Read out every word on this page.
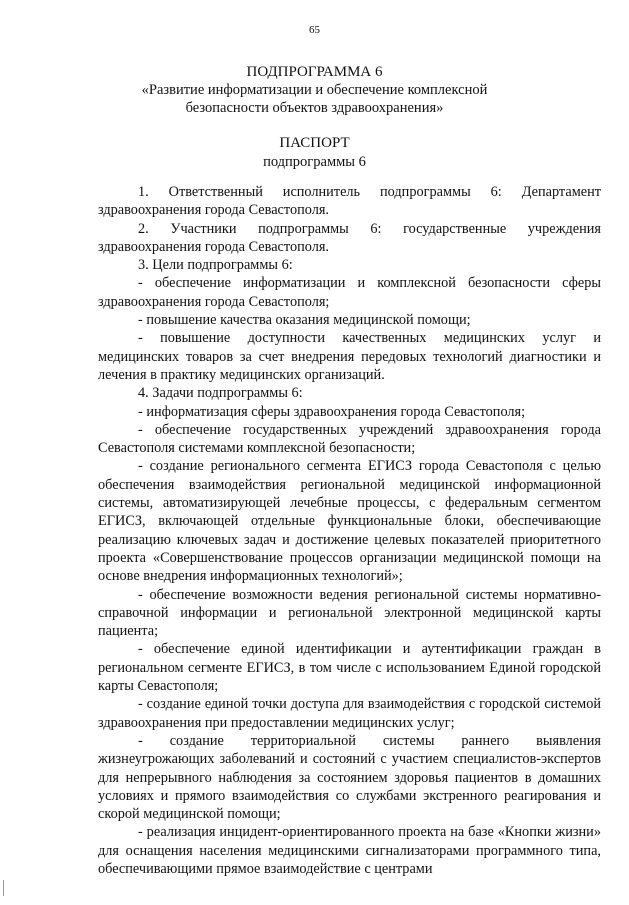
65
ПОДПРОГРАММА 6
«Развитие информатизации и обеспечение комплексной
безопасности объектов здравоохранения»
ПАСПОРТ
подпрограммы 6

1. Ответственный исполнитель подпрограммы 6: Департамент здравоохранения города Севастополя.

2. Участники подпрограммы 6: государственные учреждения здравоохранения города Севастополя.

3. Цели подпрограммы 6:

- обеспечение информатизации и комплексной безопасности сферы здравоохранения города Севастополя;

- повышение качества оказания медицинской помощи;

- повышение доступности качественных медицинских услуг и медицинских товаров за счет внедрения передовых технологий диагностики и лечения в практику медицинских организаций.

4. Задачи подпрограммы 6:

- информатизация сферы здравоохранения города Севастополя;

- обеспечение государственных учреждений здравоохранения города Севастополя системами комплексной безопасности;

- создание регионального сегмента ЕГИСЗ города Севастополя с целью обеспечения взаимодействия региональной медицинской информационной системы, автоматизирующей лечебные процессы, с федеральным сегментом ЕГИСЗ, включающей отдельные функциональные блоки, обеспечивающие реализацию ключевых задач и достижение целевых показателей приоритетного проекта «Совершенствование процессов организации медицинской помощи на основе внедрения информационных технологий»;

- обеспечение возможности ведения региональной системы нормативно-справочной информации и региональной электронной медицинской карты пациента;

- обеспечение единой идентификации и аутентификации граждан в региональном сегменте ЕГИСЗ, в том числе с использованием Единой городской карты Севастополя;

- создание единой точки доступа для взаимодействия с городской системой здравоохранения при предоставлении медицинских услуг;

- создание территориальной системы раннего выявления жизнеугрожающих заболеваний и состояний с участием специалистов-экспертов для непрерывного наблюдения за состоянием здоровья пациентов в домашних условиях и прямого взаимодействия со службами экстренного реагирования и скорой медицинской помощи;

- реализация инцидент-ориентированного проекта на базе «Кнопки жизни» для оснащения населения медицинскими сигнализаторами программного типа, обеспечивающими прямое взаимодействие с центрами
